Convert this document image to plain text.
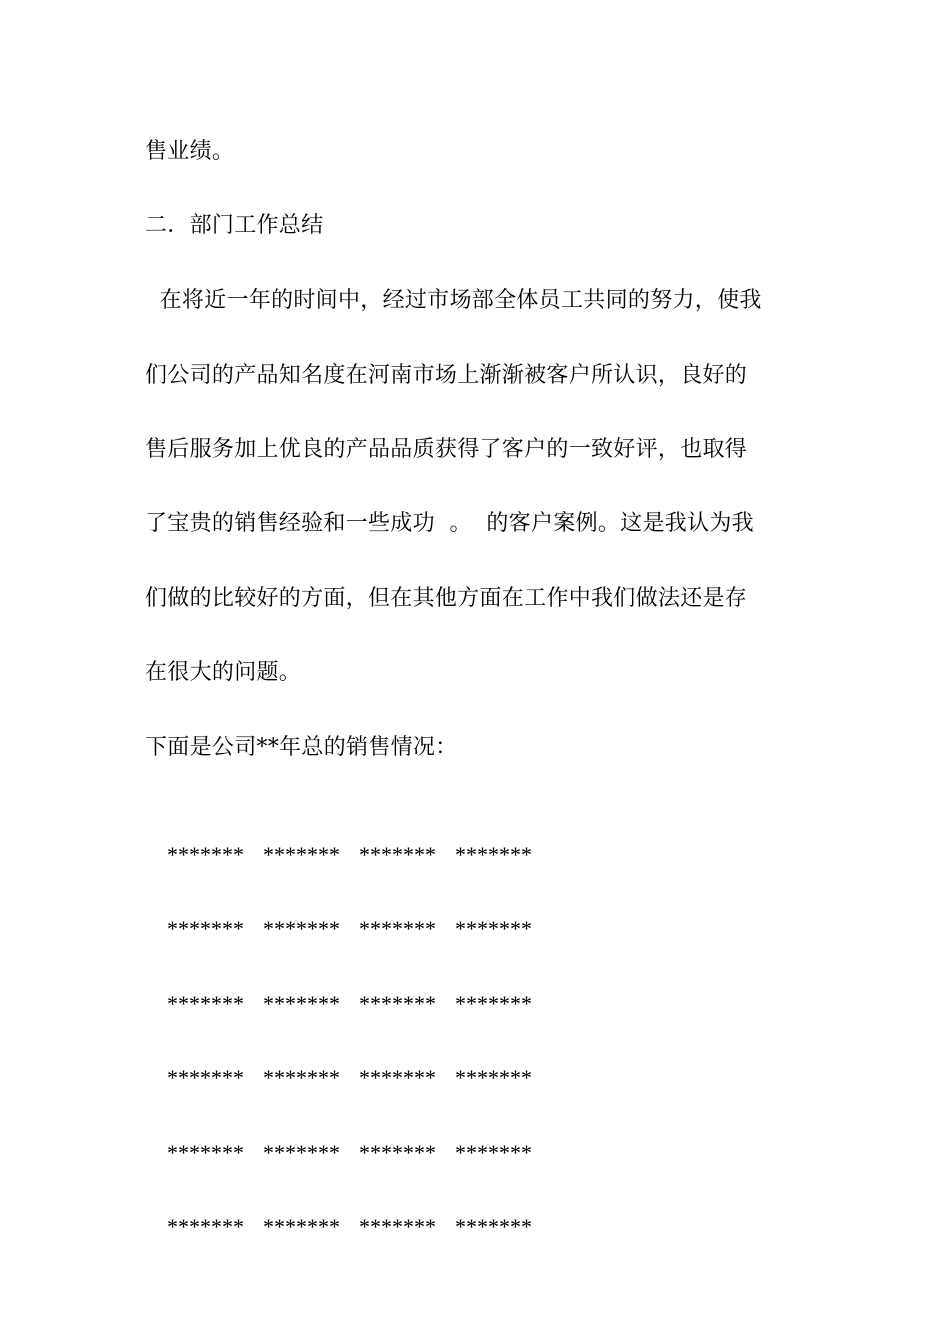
售业绩。
二．部门工作总结
在将近一年的时间中，经过市场部全体员工共同的努力，使我
们公司的产品知名度在河南市场上渐渐被客户所认识，良好的
售后服务加上优良的产品品质获得了客户的一致好评，也取得
了宝贵的销售经验和一些成功  。  的客户案例。这是我认为我
们做的比较好的方面，但在其他方面在工作中我们做法还是存
在很大的问题。
下面是公司**年总的销售情况：

******* ******* ******* *******

******* ******* ******* *******

******* ******* ******* *******

******* ******* ******* *******

******* ******* ******* *******

******* ******* ******* *******
